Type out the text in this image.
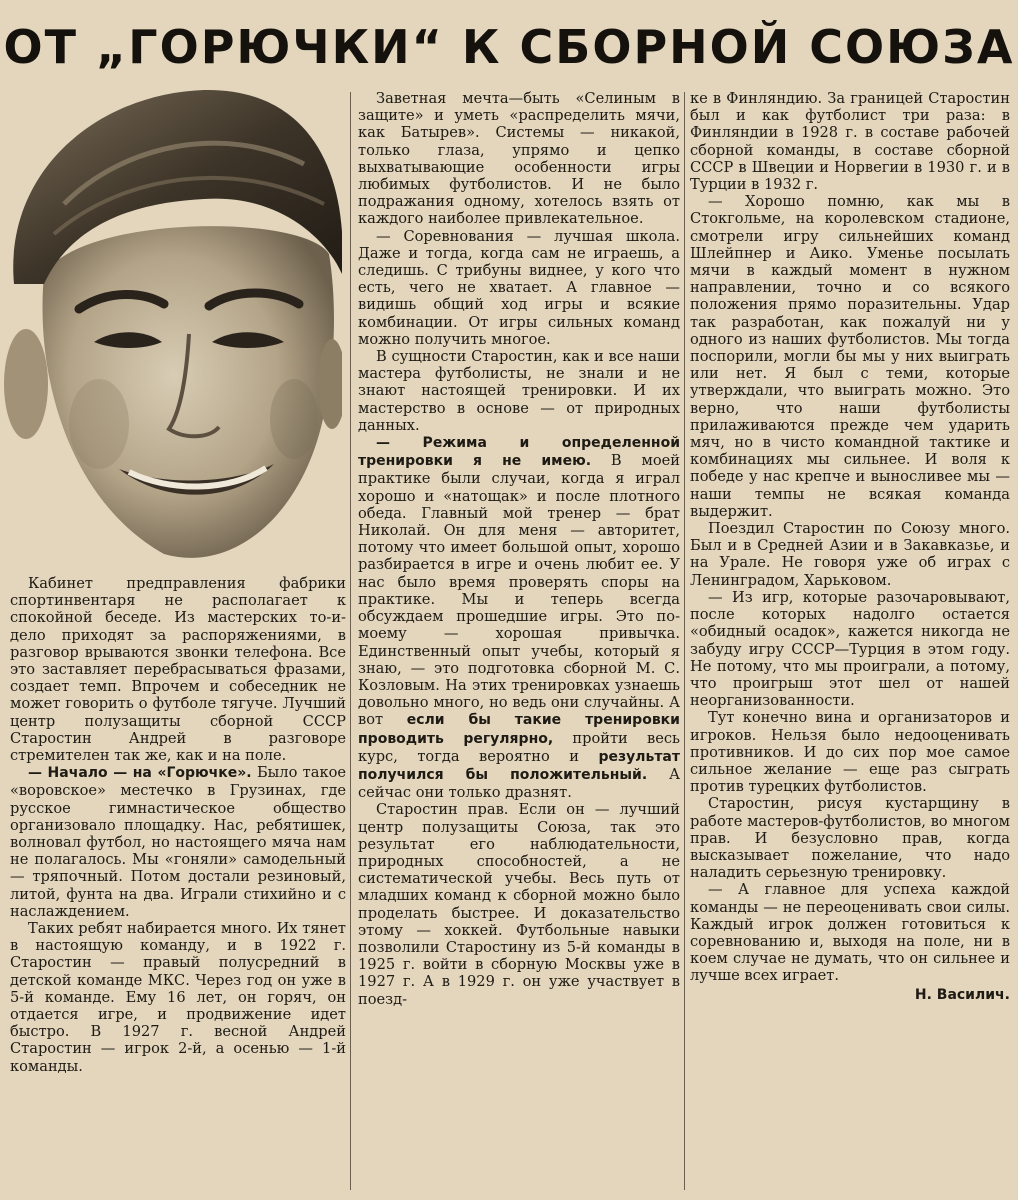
ОТ „ГОРЮЧКИ“ К СБОРНОЙ СОЮЗА

Кабинет предправления фабрики спортинвентаря не располагает к спокойной беседе. Из мастерских то-и-дело приходят за распоряжениями, в разговор врываются звонки телефона. Все это заставляет перебрасываться фразами, создает темп. Впрочем и собеседник не может говорить о футболе тягуче. Лучший центр полузащиты сборной СССР Старостин Андрей в разговоре стремителен так же, как и на поле.

— Начало — на «Горючке». Было такое «воровское» местечко в Грузинах, где русское гимнастическое общество организовало площадку. Нас, ребятишек, волновал футбол, но настоящего мяча нам не полагалось. Мы «гоняли» самодельный — тряпочный. Потом достали резиновый, литой, фунта на два. Играли стихийно и с наслаждением.

Таких ребят набирается много. Их тянет в настоящую команду, и в 1922 г. Старостин — правый полусредний в детской команде МКС. Через год он уже в 5-й команде. Ему 16 лет, он горяч, он отдается игре, и продвижение идет быстро. В 1927 г. весной Андрей Старостин — игрок 2-й, а осенью — 1-й команды.

Заветная мечта—быть «Селиным в защите» и уметь «распределить мячи, как Батырев». Системы — никакой, только глаза, упрямо и цепко выхватывающие особенности игры любимых футболистов. И не было подражания одному, хотелось взять от каждого наиболее привлекательное.

— Соревнования — лучшая школа. Даже и тогда, когда сам не играешь, а следишь. С трибуны виднее, у кого что есть, чего не хватает. А главное — видишь общий ход игры и всякие комбинации. От игры сильных команд можно получить многое.

В сущности Старостин, как и все наши мастера футболисты, не знали и не знают настоящей тренировки. И их мастерство в основе — от природных данных.

— Режима и определенной тренировки я не имею. В моей практике были случаи, когда я играл хорошо и «натощак» и после плотного обеда. Главный мой тренер — брат Николай. Он для меня — авторитет, потому что имеет большой опыт, хорошо разбирается в игре и очень любит ее. У нас было время проверять споры на практике. Мы и теперь всегда обсуждаем прошедшие игры. Это по-моему — хорошая привычка. Единственный опыт учебы, который я знаю, — это подготовка сборной М. С. Козловым. На этих тренировках узнаешь довольно много, но ведь они случайны. А вот если бы такие тренировки проводить регулярно, пройти весь курс, тогда вероятно и результат получился бы положительный. А сейчас они только дразнят.

Старостин прав. Если он — лучший центр полузащиты Союза, так это результат его наблюдательности, природных способностей, а не систематической учебы. Весь путь от младших команд к сборной можно было проделать быстрее. И доказательство этому — хоккей. Футбольные навыки позволили Старостину из 5-й команды в 1925 г. войти в сборную Москвы уже в 1927 г. А в 1929 г. он уже участвует в поезд-

ке в Финляндию. За границей Старостин был и как футболист три раза: в Финляндии в 1928 г. в составе рабочей сборной команды, в составе сборной СССР в Швеции и Норвегии в 1930 г. и в Турции в 1932 г.

— Хорошо помню, как мы в Стокгольме, на королевском стадионе, смотрели игру сильнейших команд Шлейпнер и Аико. Уменье посылать мячи в каждый момент в нужном направлении, точно и со всякого положения прямо поразительны. Удар так разработан, как пожалуй ни у одного из наших футболистов. Мы тогда поспорили, могли бы мы у них выиграть или нет. Я был с теми, которые утверждали, что выиграть можно. Это верно, что наши футболисты прилаживаются прежде чем ударить мяч, но в чисто командной тактике и комбинациях мы сильнее. И воля к победе у нас крепче и выносливее мы — наши темпы не всякая команда выдержит.

Поездил Старостин по Союзу много. Был и в Средней Азии и в Закавказье, и на Урале. Не говоря уже об играх с Ленинградом, Харьковом.

— Из игр, которые разочаровывают, после которых надолго остается «обидный осадок», кажется никогда не забуду игру СССР—Турция в этом году. Не потому, что мы проиграли, а потому, что проигрыш этот шел от нашей неорганизованности.

Тут конечно вина и организаторов и игроков. Нельзя было недооценивать противников. И до сих пор мое самое сильное желание — еще раз сыграть против турецких футболистов.

Старостин, рисуя кустарщину в работе мастеров-футболистов, во многом прав. И безусловно прав, когда высказывает пожелание, что надо наладить серьезную тренировку.

— А главное для успеха каждой команды — не переоценивать свои силы. Каждый игрок должен готовиться к соревнованию и, выходя на поле, ни в коем случае не думать, что он сильнее и лучше всех играет.

Н. Василич.
